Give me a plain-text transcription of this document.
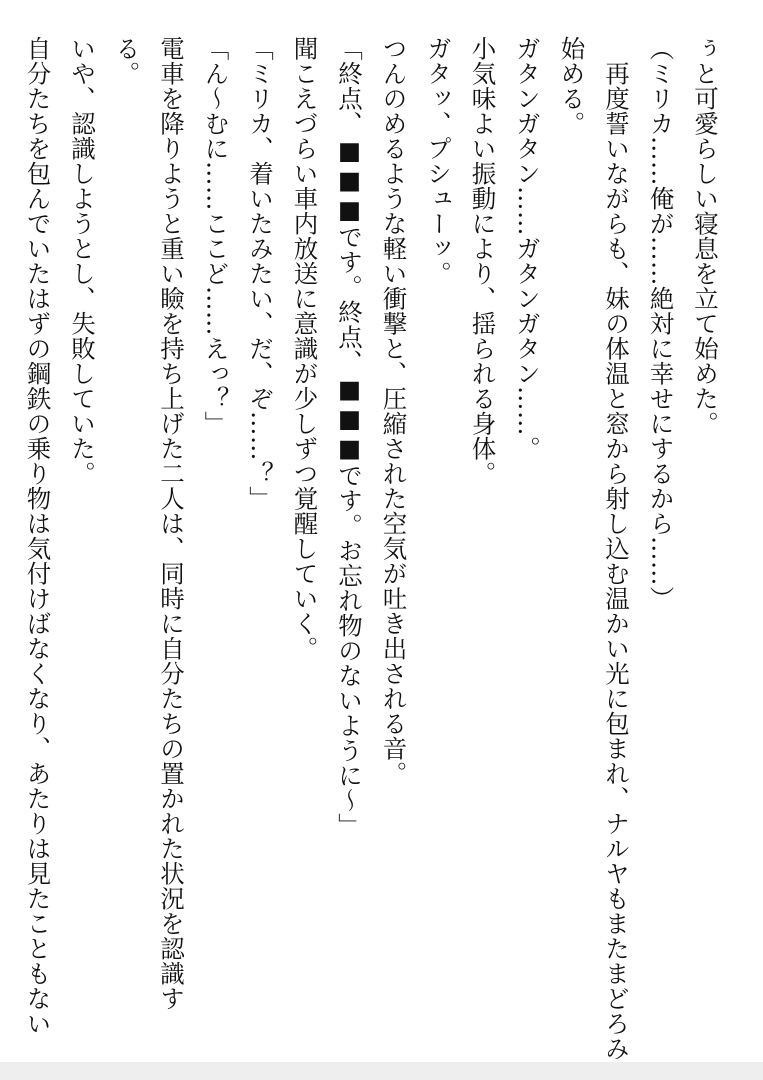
ぅと可愛らしい寝息を立て始めた。

（ミリカ……俺が……絶対に幸せにするから……）

　再度誓いながらも、妹の体温と窓から射し込む温かい光に包まれ、ナルヤもまたまどろみ

始める。

ガタンガタン……ガタンガタン……。

小気味よい振動により、揺られる身体。

ガタッ、プシューッ。

つんのめるような軽い衝撃と、圧縮された空気が吐き出される音。

「終点、■■■です。終点、■■■です。お忘れ物のないように～」

聞こえづらい車内放送に意識が少しずつ覚醒していく。

「ミリカ、着いたみたい、だ、ぞ……？」

「ん～むに……ここど……えっ？」

電車を降りようと重い瞼を持ち上げた二人は、同時に自分たちの置かれた状況を認識す

る。

いや、認識しようとし、失敗していた。

自分たちを包んでいたはずの鋼鉄の乗り物は気付けばなくなり、あたりは見たこともない
